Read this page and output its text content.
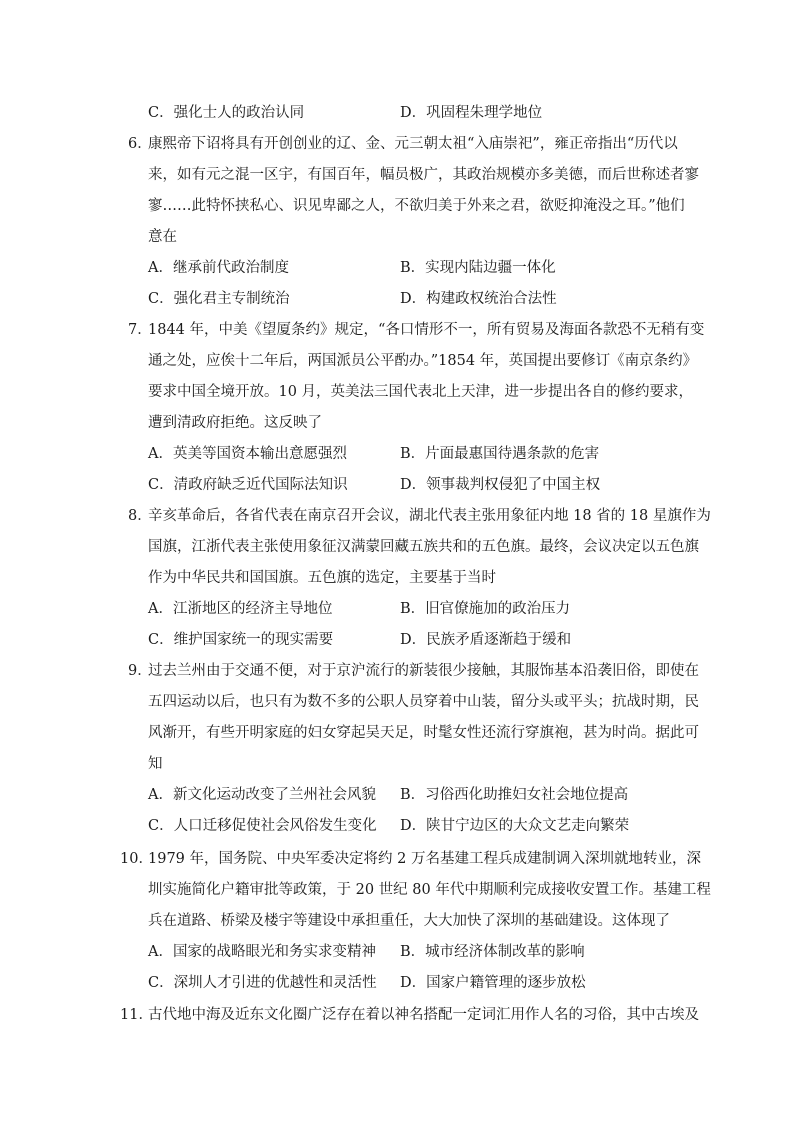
C．强化士人的政治认同	D．巩固程朱理学地位
6．
康熙帝下诏将具有开创创业的辽、金、元三朝太祖“入庙崇祀”，雍正帝指出“历代以
来，如有元之混一区宇，有国百年，幅员极广，其政治规模亦多美德，而后世称述者寥
寥……此特怀挟私心、识见卑鄙之人，不欲归美于外来之君，欲贬抑淹没之耳。”他们
意在
A．继承前代政治制度	B．实现内陆边疆一体化
C．强化君主专制统治	D．构建政权统治合法性
7．
1844 年，中美《望厦条约》规定，“各口情形不一，所有贸易及海面各款恐不无稍有变
通之处，应俟十二年后，两国派员公平酌办。”1854 年，英国提出要修订《南京条约》
要求中国全境开放。10 月，英美法三国代表北上天津，进一步提出各自的修约要求，
遭到清政府拒绝。这反映了
A．英美等国资本输出意愿强烈	B．片面最惠国待遇条款的危害
C．清政府缺乏近代国际法知识	D．领事裁判权侵犯了中国主权
8．
辛亥革命后，各省代表在南京召开会议，湖北代表主张用象征内地 18 省的 18 星旗作为
国旗，江浙代表主张使用象征汉满蒙回藏五族共和的五色旗。最终，会议决定以五色旗
作为中华民共和国国旗。五色旗的选定，主要基于当时
A．江浙地区的经济主导地位	B．旧官僚施加的政治压力
C．维护国家统一的现实需要	D．民族矛盾逐渐趋于缓和
9．
过去兰州由于交通不便，对于京沪流行的新装很少接触，其服饰基本沿袭旧俗，即使在
五四运动以后，也只有为数不多的公职人员穿着中山装，留分头或平头；抗战时期，民
风渐开，有些开明家庭的妇女穿起吴天足，时髦女性还流行穿旗袍，甚为时尚。据此可
知
A．新文化运动改变了兰州社会风貌 B．习俗西化助推妇女社会地位提高
C．人口迁移促使社会风俗发生变化 D．陕甘宁边区的大众文艺走向繁荣
10．
1979 年，国务院、中央军委决定将约 2 万名基建工程兵成建制调入深圳就地转业，深
圳实施简化户籍审批等政策，于 20 世纪 80 年代中期顺利完成接收安置工作。基建工程
兵在道路、桥梁及楼宇等建设中承担重任，大大加快了深圳的基础建设。这体现了
A．国家的战略眼光和务实求变精神 B．城市经济体制改革的影响
C．深圳人才引进的优越性和灵活性 D．国家户籍管理的逐步放松
11．
古代地中海及近东文化圈广泛存在着以神名搭配一定词汇用作人名的习俗，其中古埃及
